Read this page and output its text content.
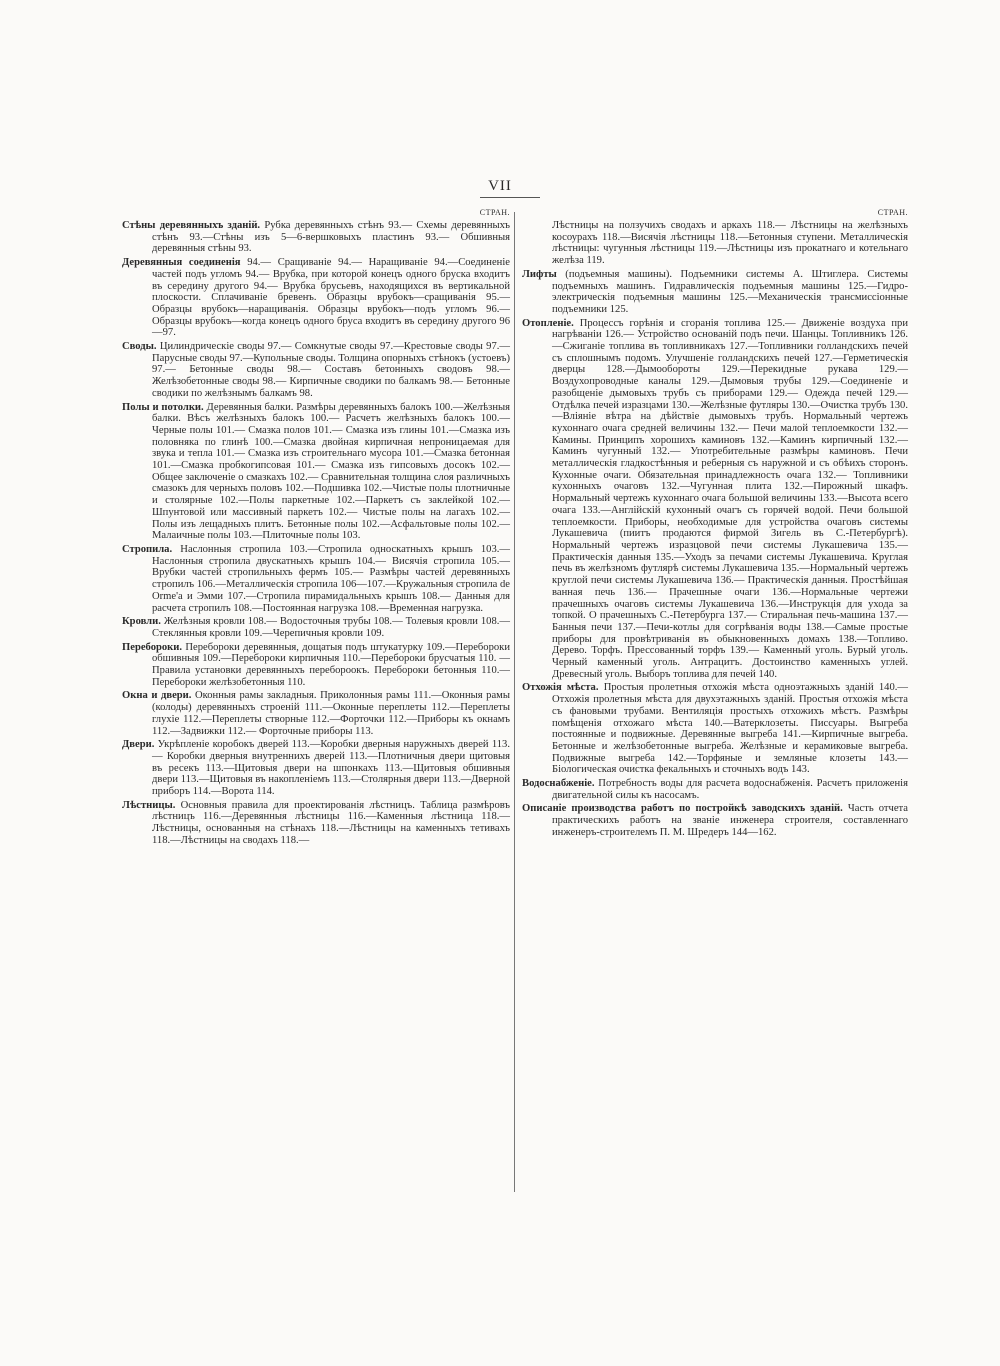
VII
СТРАН.
Стѣны деревянныхъ зданій. Рубка деревянныхъ стѣнъ 93.— Схемы деревянныхъ стѣнъ 93.—Стѣны изъ 5—6-вершковыхъ пластинъ 93.— Обшивныя деревянныя стѣны 93.
Деревянныя соединенія 94.— Сращиваніе 94.— Наращиваніе 94.—Соединеніе частей подъ угломъ 94.— Врубка, при которой конецъ одного бруска входитъ въ середину другого 94.— Врубка брусьевъ, находящихся въ вертикальной плоскости. Сплачиваніе бревенъ. Образцы врубокъ—сращиванія 95.—Образцы врубокъ—наращиванія. Образцы врубокъ—подъ угломъ 96.—Образцы врубокъ—когда конецъ одного бруса входитъ въ середину другого 96—97.
Своды. Цилиндрическіе своды 97.— Сомкнутые своды 97.—Крестовые своды 97.—Парусные своды 97.—Купольные своды. Толщина опорныхъ стѣнокъ (устоевъ) 97.— Бетонные своды 98.— Составъ бетонныхъ сводовъ 98.—Желѣзобетонные своды 98.— Кирпичные сводики по балкамъ 98.— Бетонные сводики по желѣзнымъ балкамъ 98.
Полы и потолки. Деревянныя балки. Размѣры деревянныхъ балокъ 100.—Желѣзныя балки. Вѣсъ желѣзныхъ балокъ 100.— Расчетъ желѣзныхъ балокъ 100.— Черные полы 101.— Смазка полов 101.— Смазка изъ глины 101.—Смазка изъ половняка по глинѣ 100.—Смазка двойная кирпичная непроницаемая для звука и тепла 101.— Смазка изъ строительнаго мусора 101.—Смазка бетонная 101.—Смазка пробкогипсовая 101.— Смазка изъ гипсовыхъ досокъ 102.— Общее заключеніе о смазкахъ 102.— Сравнительная толщина слоя различныхъ смазокъ для черныхъ половъ 102.—Подшивка 102.—Чистые полы плотничные и столярные 102.—Полы паркетные 102.—Паркетъ съ заклейкой 102.—Шпунтовой или массивный паркетъ 102.— Чистые полы на лагахъ 102.—Полы изъ лещадныхъ плитъ. Бетонные полы 102.—Асфальтовые полы 102.—Малаичные полы 103.—Плиточные полы 103.
Стропила. Наслонныя стропила 103.—Стропила односкатныхъ крышъ 103.— Наслонныя стропила двускатныхъ крышъ 104.— Висячія стропила 105.— Врубки частей стропильныхъ фермъ 105.— Размѣры частей деревянныхъ стропилъ 106.—Металлическія стропила 106—107.—Кружальныя стропила de Orme'а и Эмми 107.—Стропила пирамидальныхъ крышъ 108.— Данныя для расчета стропилъ 108.—Постоянная нагрузка 108.—Временная нагрузка.
Кровли. Желѣзныя кровли 108.— Водосточныя трубы 108.— Толевыя кровли 108.— Стеклянныя кровли 109.—Черепичныя кровли 109.
Перебороки. Перебороки деревянныя, дощатыя подъ штукатурку 109.—Перебороки обшивныя 109.—Перебороки кирпичныя 110.—Перебороки брусчатыя 110. — Правила установки деревянныхъ перебороокъ. Перебороки бетонныя 110.—Перебороки желѣзобетонныя 110.
Окна и двери. Оконныя рамы закладныя. Приколонныя рамы 111.—Оконныя рамы (колоды) деревянныхъ строеній 111.—Оконные переплеты 112.—Переплеты глухіе 112.—Переплеты створные 112.—Форточки 112.—Приборы къ окнамъ 112.—Задвижки 112.— Форточные приборы 113.
Двери. Укрѣпленіе коробокъ дверей 113.—Коробки дверныя наружныхъ дверей 113.— Коробки дверныя внутреннихъ дверей 113.—Плотничныя двери щитовыя въ ресекъ 113.—Щитовыя двери на шпонкахъ 113.—Щитовыя обшивныя двери 113.—Щитовыя въ накопленіемъ 113.—Столярныя двери 113.—Дверной приборъ 114.—Ворота 114.
Лѣстницы. Основныя правила для проектированія лѣстницъ. Таблица размѣровъ лѣстницъ 116.—Деревянныя лѣстницы 116.—Каменныя лѣстница 118.— Лѣстницы, основанныя на стѣнахъ 118.—Лѣстницы на каменныхъ тетивахъ 118.—Лѣстницы на сводахъ 118.—
СТРАН.
Лѣстницы на ползучихъ сводахъ и аркахъ 118.— Лѣстницы на желѣзныхъ косоурахъ 118.—Висячія лѣстницы 118.—Бетонныя ступени. Металлическія лѣстницы: чугунныя лѣстницы 119.—Лѣстницы изъ прокатнаго и котельнаго желѣза 119.
Лифты (подъемныя машины). Подъемники системы А. Штиглера. Системы подъемныхъ машинъ. Гидравлическія подъемныя машины 125.—Гидро-электрическія подъемныя машины 125.—Механическія трансмиссіонные подъемники 125.
Отопленіе. Процессъ горѣнія и сгоранія топлива 125.— Движеніе воздуха при нагрѣваніи 126.— Устройство основаній подъ печи. Шанцы. Топливникъ 126.—Сжиганіе топлива въ топливникахъ 127.—Топливники голландскихъ печей съ сплошнымъ подомъ. Улучшеніе голландскихъ печей 127.—Герметическія дверцы 128.—Дымообороты 129.—Перекидные рукава 129.— Воздухопроводные каналы 129.—Дымовыя трубы 129.—Соединеніе и разобщеніе дымовыхъ трубъ съ приборами 129.— Одежда печей 129.— Отдѣлка печей изразцами 130.—Желѣзные футляры 130.—Очистка трубъ 130.—Вліяніе вѣтра на дѣйствіе дымовыхъ трубъ. Нормальный чертежъ кухоннаго очага средней величины 132.— Печи малой теплоемкости 132.— Камины. Принципъ хорошихъ каминовъ 132.—Каминъ кирпичный 132.—Каминъ чугунный 132.— Употребительные размѣры каминовъ. Печи металлическія гладкостѣнныя и реберныя съ наружной и съ обѣихъ сторонъ. Кухонные очаги. Обязательная принадлежность очага 132.— Топливники кухонныхъ очаговъ 132.—Чугунная плита 132.—Пирожный шкафъ. Нормальный чертежъ кухоннаго очага большой величины 133.—Высота всего очага 133.—Англійскій кухонный очагъ съ горячей водой. Печи большой теплоемкости. Приборы, необходимые для устройства очаговъ системы Лукашевича (пиитъ продаются фирмой Зигель въ С.-Петербургѣ). Нормальный чертежъ изразцовой печи системы Лукашевича 135.— Практическія данныя 135.—Уходъ за печами системы Лукашевича. Круглая печь въ желѣзномъ футлярѣ системы Лукашевича 135.—Нормальный чертежъ круглой печи системы Лукашевича 136.— Практическія данныя. Простѣйшая ванная печь 136.— Прачешные очаги 136.—Нормальные чертежи прачешныхъ очаговъ системы Лукашевича 136.—Инструкція для ухода за топкой. О прачешныхъ С.-Петербурга 137.— Стиральная печь-машина 137.—Банныя печи 137.—Печи-котлы для согрѣванія воды 138.—Самые простые приборы для провѣтриванія въ обыкновенныхъ домахъ 138.—Топливо. Дерево. Торфъ. Прессованный торфъ 139.— Каменный уголь. Бурый уголь. Черный каменный уголь. Антрацитъ. Достоинство каменныхъ углей. Древесный уголь. Выборъ топлива для печей 140.
Отхожія мѣста. Простыя пролетныя отхожія мѣста одноэтажныхъ зданій 140.— Отхожія пролетныя мѣста для двухэтажныхъ зданій. Простыя отхожія мѣста съ фановыми трубами. Вентиляція простыхъ отхожихъ мѣстъ. Размѣры помѣщенія отхожаго мѣста 140.—Ватерклозеты. Писсуары. Выгреба постоянные и подвижные. Деревянные выгреба 141.—Кирпичные выгреба. Бетонные и желѣзобетонные выгреба. Желѣзные и керамиковые выгреба. Подвижные выгреба 142.—Торфяные и земляные клозеты 143.— Біологическая очистка фекальныхъ и сточныхъ водъ 143.
Водоснабженіе. Потребность воды для расчета водоснабженія. Расчетъ приложенія двигательной силы къ насосамъ.
Описаніе производства работъ по постройкѣ заводскихъ зданій. Часть отчета практическихъ работъ на званіе инженера строителя, составленнаго инженеръ-строителемъ П. М. Шредеръ 144—162.
